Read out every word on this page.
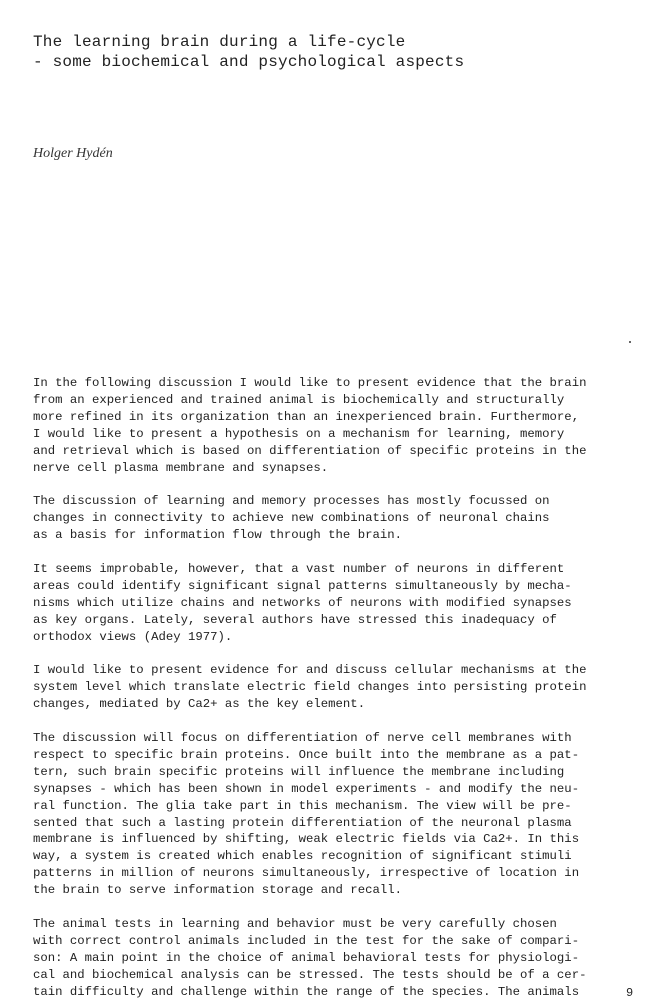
The learning brain during a life-cycle
- some biochemical and psychological aspects

Holger Hydén

In the following discussion I would like to present evidence that the brain
from an experienced and trained animal is biochemically and structurally
more refined in its organization than an inexperienced brain. Furthermore,
I would like to present a hypothesis on a mechanism for learning, memory
and retrieval which is based on differentiation of specific proteins in the
nerve cell plasma membrane and synapses.

The discussion of learning and memory processes has mostly focussed on
changes in connectivity to achieve new combinations of neuronal chains
as a basis for information flow through the brain.

It seems improbable, however, that a vast number of neurons in different
areas could identify significant signal patterns simultaneously by mecha-
nisms which utilize chains and networks of neurons with modified synapses
as key organs. Lately, several authors have stressed this inadequacy of
orthodox views (Adey 1977).

I would like to present evidence for and discuss cellular mechanisms at the
system level which translate electric field changes into persisting protein
changes, mediated by Ca2+ as the key element.

The discussion will focus on differentiation of nerve cell membranes with
respect to specific brain proteins. Once built into the membrane as a pat-
tern, such brain specific proteins will influence the membrane including
synapses - which has been shown in model experiments - and modify the neu-
ral function. The glia take part in this mechanism. The view will be pre-
sented that such a lasting protein differentiation of the neuronal plasma
membrane is influenced by shifting, weak electric fields via Ca2+. In this
way, a system is created which enables recognition of significant stimuli
patterns in million of neurons simultaneously, irrespective of location in
the brain to serve information storage and recall.

The animal tests in learning and behavior must be very carefully chosen
with correct control animals included in the test for the sake of compari-
son: A main point in the choice of animal behavioral tests for physiologi-
cal and biochemical analysis can be stressed. The tests should be of a cer-
tain difficulty and challenge within the range of the species. The animals	9
